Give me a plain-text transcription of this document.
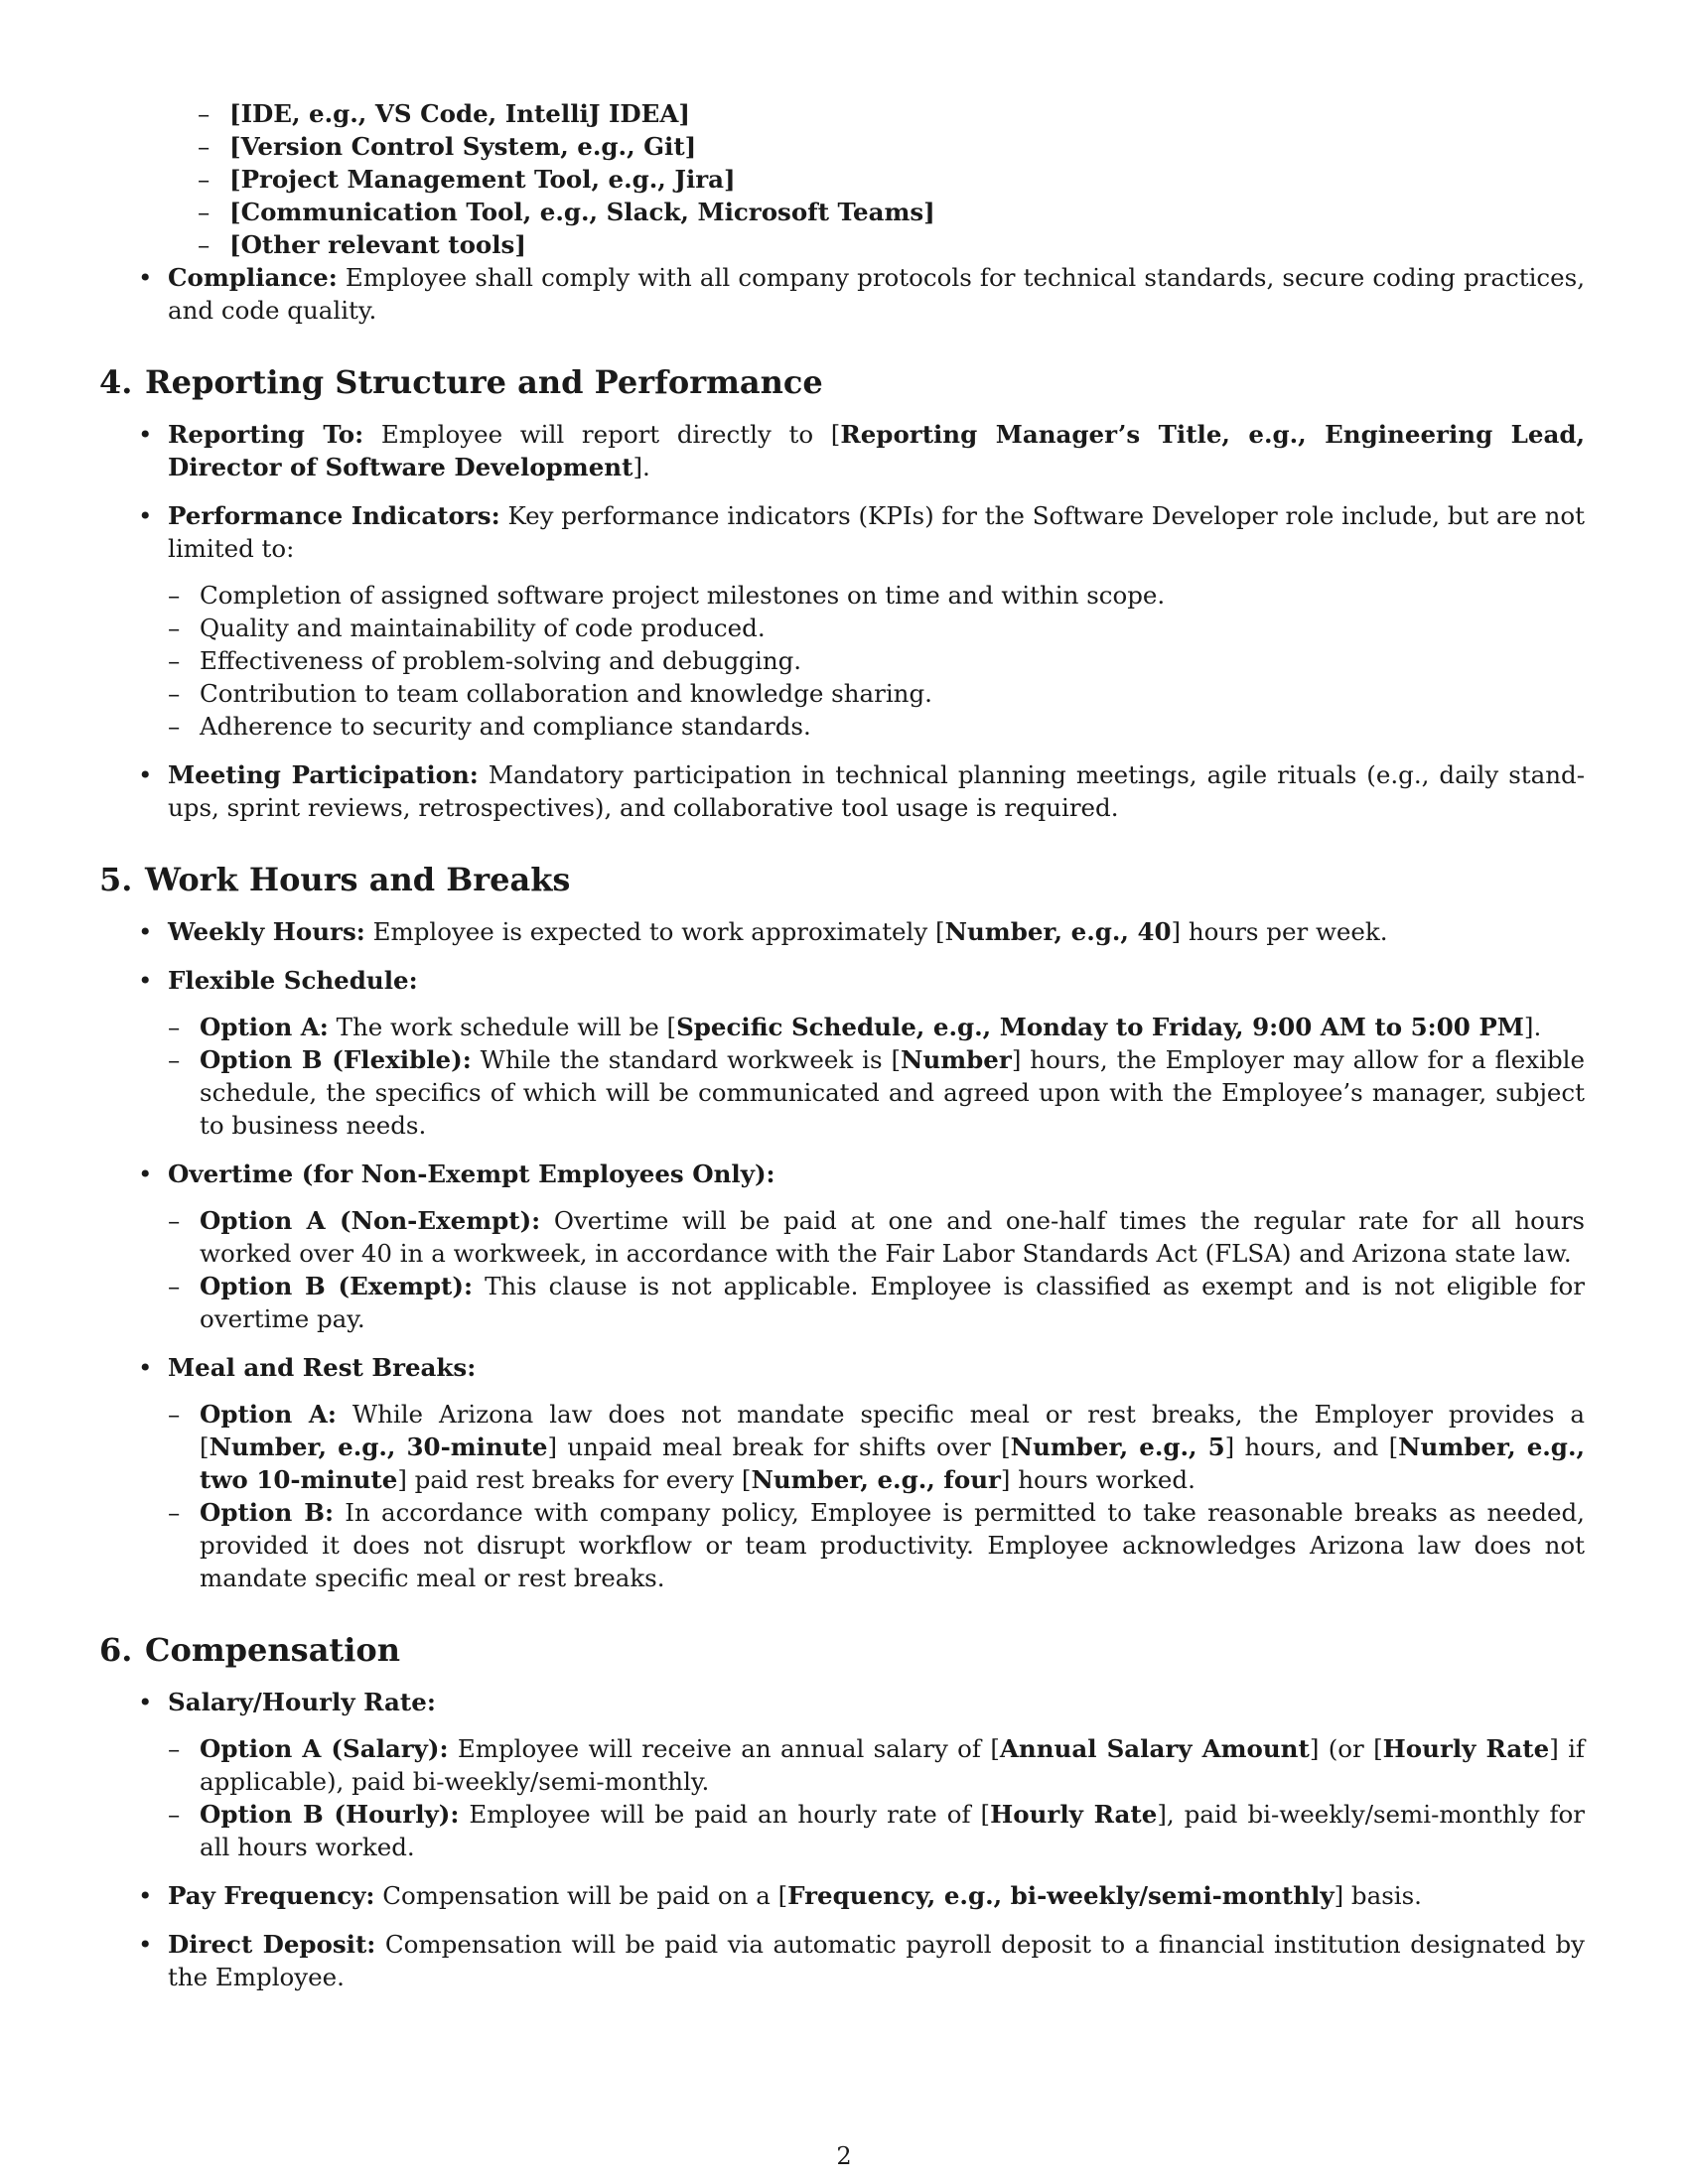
– [IDE, e.g., VS Code, IntelliJ IDEA]
– [Version Control System, e.g., Git]
– [Project Management Tool, e.g., Jira]
– [Communication Tool, e.g., Slack, Microsoft Teams]
– [Other relevant tools]
• Compliance: Employee shall comply with all company protocols for technical standards, secure coding practices, and code quality.
4. Reporting Structure and Performance
• Reporting To: Employee will report directly to [Reporting Manager’s Title, e.g., Engineering Lead, Director of Software Development].
• Performance Indicators: Key performance indicators (KPIs) for the Software Developer role include, but are not limited to:
– Completion of assigned software project milestones on time and within scope.
– Quality and maintainability of code produced.
– Effectiveness of problem-solving and debugging.
– Contribution to team collaboration and knowledge sharing.
– Adherence to security and compliance standards.
• Meeting Participation: Mandatory participation in technical planning meetings, agile rituals (e.g., daily stand-ups, sprint reviews, retrospectives), and collaborative tool usage is required.
5. Work Hours and Breaks
• Weekly Hours: Employee is expected to work approximately [Number, e.g., 40] hours per week.
• Flexible Schedule:
– Option A: The work schedule will be [Specific Schedule, e.g., Monday to Friday, 9:00 AM to 5:00 PM].
– Option B (Flexible): While the standard workweek is [Number] hours, the Employer may allow for a flexible schedule, the specifics of which will be communicated and agreed upon with the Employee’s manager, subject to business needs.
• Overtime (for Non-Exempt Employees Only):
– Option A (Non-Exempt): Overtime will be paid at one and one-half times the regular rate for all hours worked over 40 in a workweek, in accordance with the Fair Labor Standards Act (FLSA) and Arizona state law.
– Option B (Exempt): This clause is not applicable. Employee is classified as exempt and is not eligible for overtime pay.
• Meal and Rest Breaks:
– Option A: While Arizona law does not mandate specific meal or rest breaks, the Employer provides a [Number, e.g., 30-minute] unpaid meal break for shifts over [Number, e.g., 5] hours, and [Number, e.g., two 10-minute] paid rest breaks for every [Number, e.g., four] hours worked.
– Option B: In accordance with company policy, Employee is permitted to take reasonable breaks as needed, provided it does not disrupt workflow or team productivity. Employee acknowledges Arizona law does not mandate specific meal or rest breaks.
6. Compensation
• Salary/Hourly Rate:
– Option A (Salary): Employee will receive an annual salary of [Annual Salary Amount] (or [Hourly Rate] if applicable), paid bi-weekly/semi-monthly.
– Option B (Hourly): Employee will be paid an hourly rate of [Hourly Rate], paid bi-weekly/semi-monthly for all hours worked.
• Pay Frequency: Compensation will be paid on a [Frequency, e.g., bi-weekly/semi-monthly] basis.
• Direct Deposit: Compensation will be paid via automatic payroll deposit to a financial institution designated by the Employee.
2
